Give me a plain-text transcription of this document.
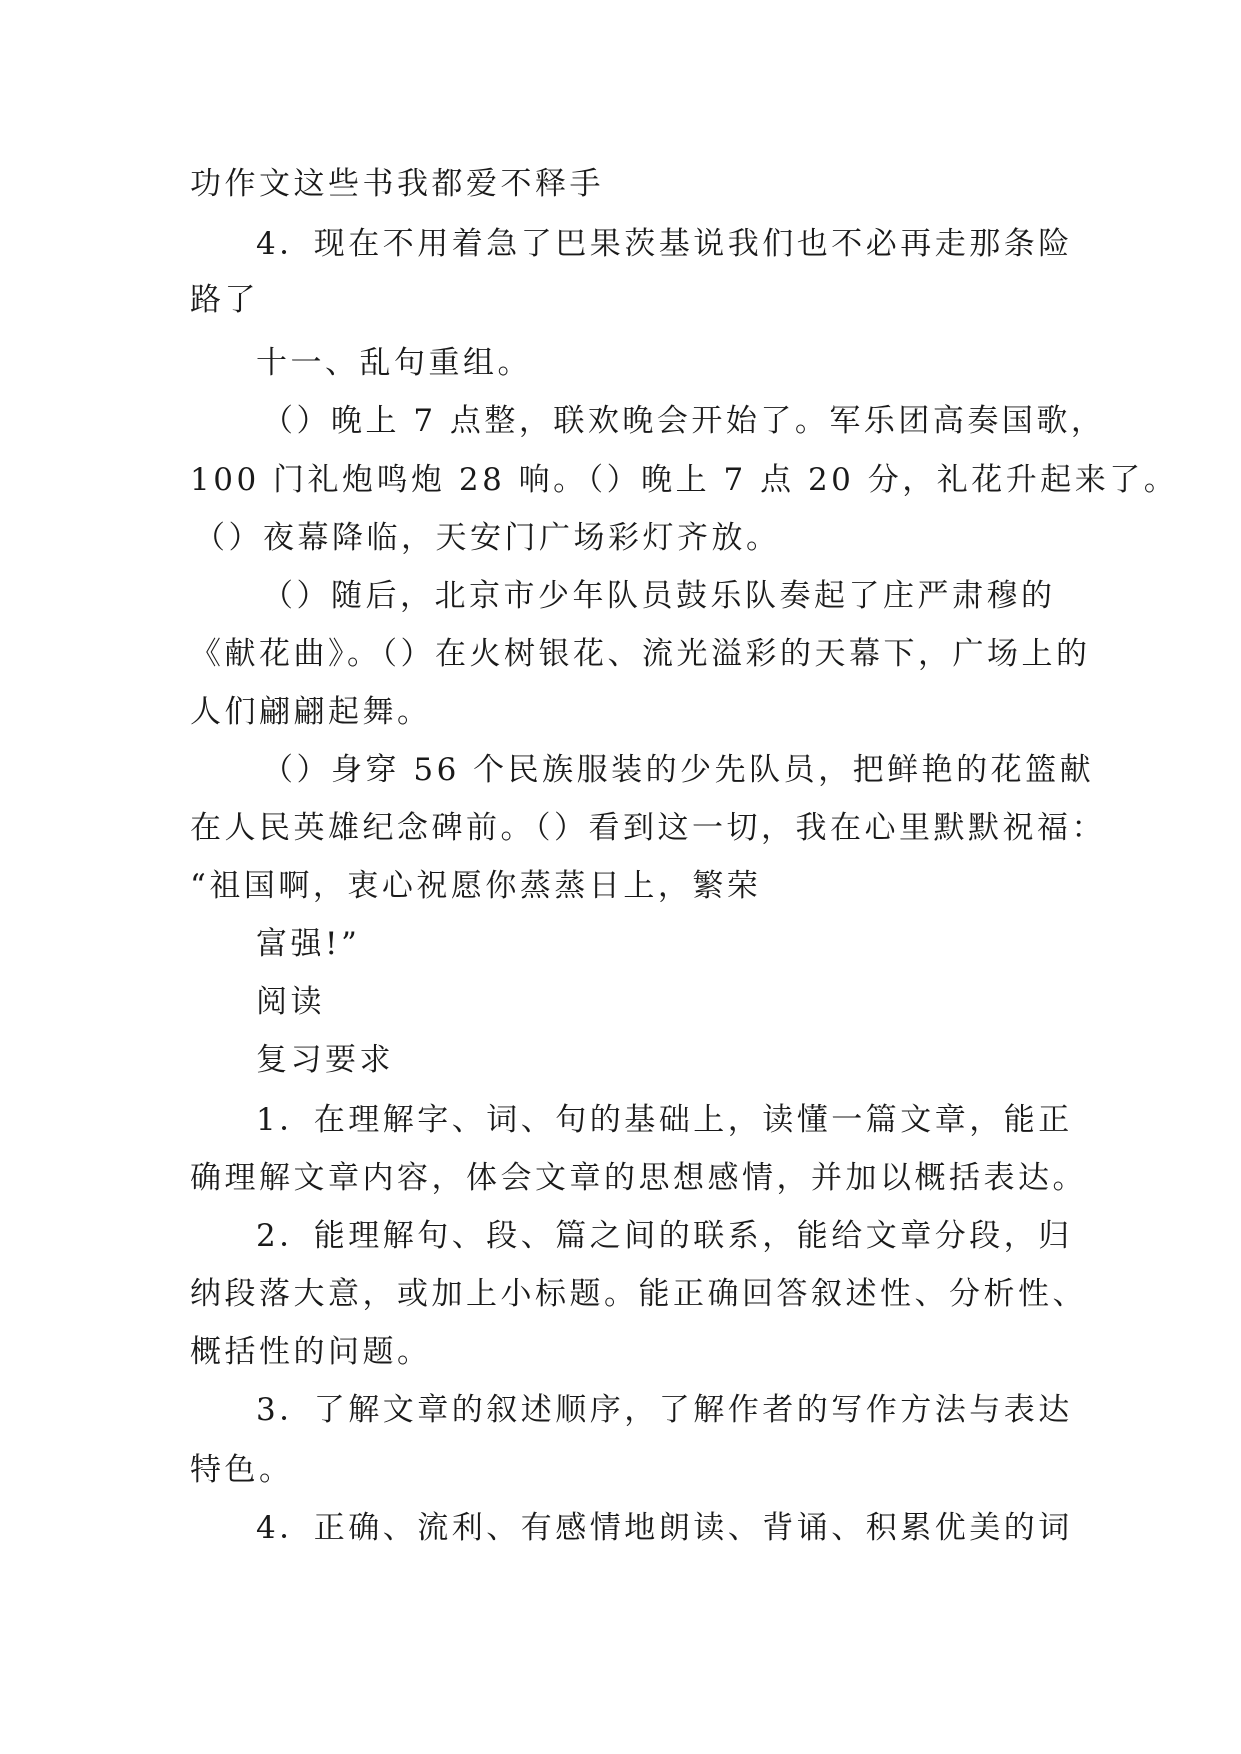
功作文这些书我都爱不释手
4．现在不用着急了巴果茨基说我们也不必再走那条险
路了
十一、乱句重组。
（）晚上 7 点整，联欢晚会开始了。军乐团高奏国歌，
100 门礼炮鸣炮 28 响。（）晚上 7 点 20 分，礼花升起来了。
（）夜幕降临，天安门广场彩灯齐放。
（）随后，北京市少年队员鼓乐队奏起了庄严肃穆的
《献花曲》。（）在火树银花、流光溢彩的天幕下，广场上的
人们翩翩起舞。
（）身穿 56 个民族服装的少先队员，把鲜艳的花篮献
在人民英雄纪念碑前。（）看到这一切，我在心里默默祝福：
“祖国啊，衷心祝愿你蒸蒸日上，繁荣
富强!”
阅读
复习要求
1．在理解字、词、句的基础上，读懂一篇文章，能正
确理解文章内容，体会文章的思想感情，并加以概括表达。
2．能理解句、段、篇之间的联系，能给文章分段，归
纳段落大意，或加上小标题。能正确回答叙述性、分析性、
概括性的问题。
3．了解文章的叙述顺序，了解作者的写作方法与表达
特色。
4．正确、流利、有感情地朗读、背诵、积累优美的词
